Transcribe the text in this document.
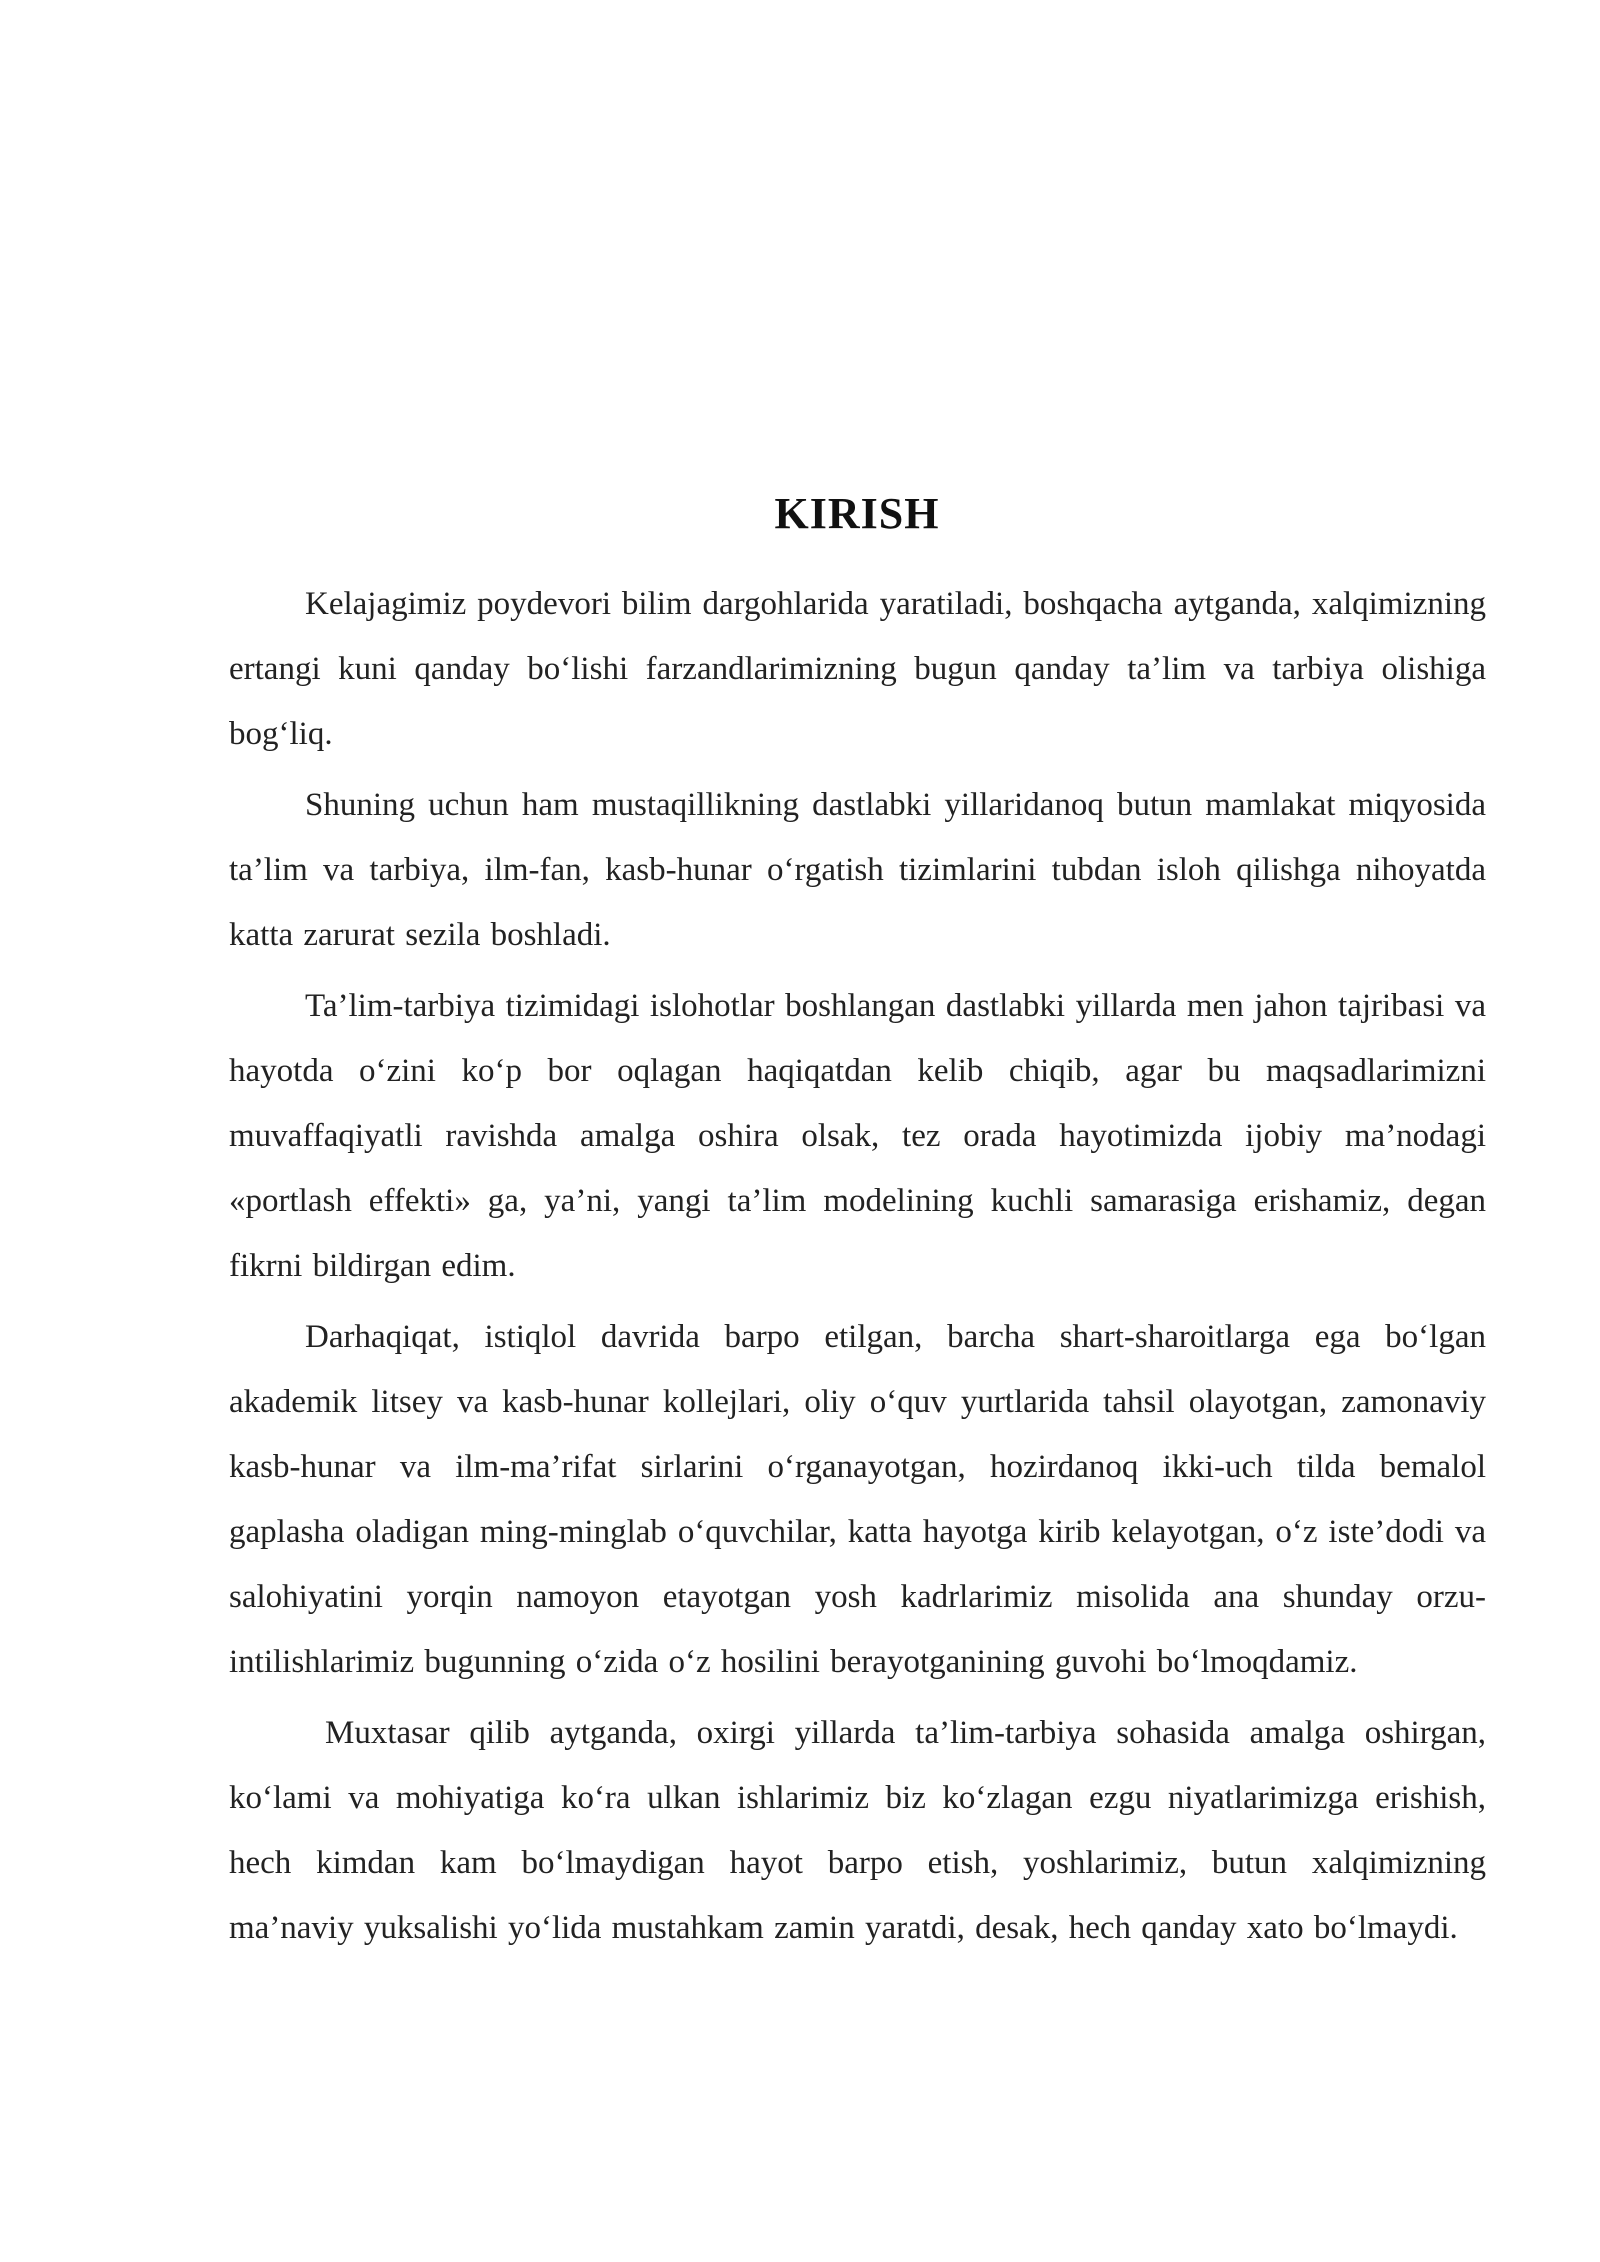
KIRISH

Kelajagimiz poydevori bilim dargohlarida yaratiladi, boshqacha aytganda, xalqimizning ertangi kuni qanday bo‘lishi farzandlarimizning bugun qanday ta’lim va tarbiya olishiga bog‘liq.

Shuning uchun ham mustaqillikning dastlabki yillaridanoq butun mamlakat miqyosida ta’lim va tarbiya, ilm-fan, kasb-hunar o‘rgatish tizimlarini tubdan isloh qilishga nihoyatda katta zarurat sezila boshladi.

Ta’lim-tarbiya tizimidagi islohotlar boshlangan dastlabki yillarda men jahon tajribasi va hayotda o‘zini ko‘p bor oqlagan haqiqatdan kelib chiqib, agar bu maqsadlarimizni muvaffaqiyatli ravishda amalga oshira olsak, tez orada hayotimizda ijobiy ma’nodagi «portlash effekti» ga, ya’ni, yangi ta’lim modelining kuchli samarasiga erishamiz, degan fikrni bildirgan edim.

Darhaqiqat, istiqlol davrida barpo etilgan, barcha shart-sharoitlarga ega bo‘lgan akademik litsey va kasb-hunar kollejlari, oliy o‘quv yurtlarida tahsil olayotgan, zamonaviy kasb-hunar va ilm-ma’rifat sirlarini o‘rganayotgan, hozirdanoq ikki-uch tilda bemalol gaplasha oladigan ming-minglab o‘quvchilar, katta hayotga kirib kelayotgan, o‘z iste’dodi va salohiyatini yorqin namoyon etayotgan yosh kadrlarimiz misolida ana shunday orzu-intilishlarimiz bugunning o‘zida o‘z hosilini berayotganining guvohi bo‘lmoqdamiz.

Muxtasar qilib aytganda, oxirgi yillarda ta’lim-tarbiya sohasida amalga oshirgan, ko‘lami va mohiyatiga ko‘ra ulkan ishlarimiz biz ko‘zlagan ezgu niyatlarimizga erishish, hech kimdan kam bo‘lmaydigan hayot barpo etish, yoshlarimiz, butun xalqimizning ma’naviy yuksalishi yo‘lida mustahkam zamin yaratdi, desak, hech qanday xato bo‘lmaydi.
